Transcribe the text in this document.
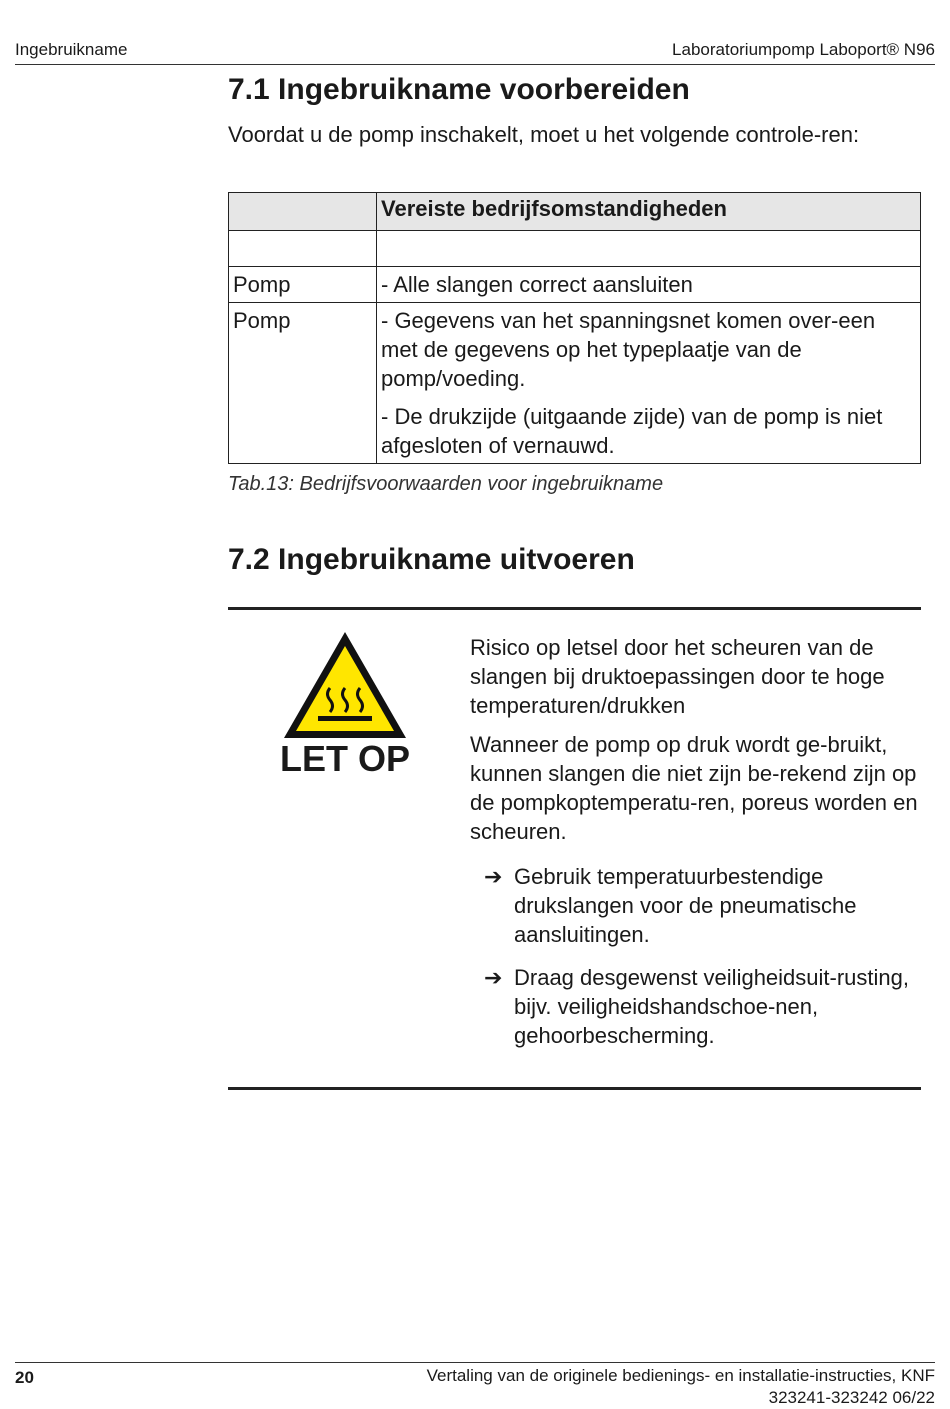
Ingebruikname	Laboratoriumpomp Laboport® N96
7.1 Ingebruikname voorbereiden

Voordat u de pomp inschakelt, moet u het volgende controle-ren:

	Vereiste bedrijfsomstandigheden

Pomp	- Alle slangen correct aansluiten

Pomp	- Gegevens van het spanningsnet komen over-een met de gegevens op het typeplaatje van de pomp/voeding.

- De drukzijde (uitgaande zijde) van de pomp is niet afgesloten of vernauwd.

Tab.13: Bedrijfsvoorwaarden voor ingebruikname
7.2 Ingebruikname uitvoeren
LET OP

Risico op letsel door het scheuren van de slangen bij druktoepassingen door te hoge temperaturen/drukken

Wanneer de pomp op druk wordt ge-bruikt, kunnen slangen die niet zijn be-rekend zijn op de pompkoptemperatu-ren, poreus worden en scheuren.

➔ Gebruik temperatuurbestendige drukslangen voor de pneumatische aansluitingen.
➔ Draag desgewenst veiligheidsuit-rusting, bijv. veiligheidshandschoe-nen, gehoorbescherming.
20	Vertaling van de originele bedienings- en installatie-instructies, KNF
323241-323242 06/22
